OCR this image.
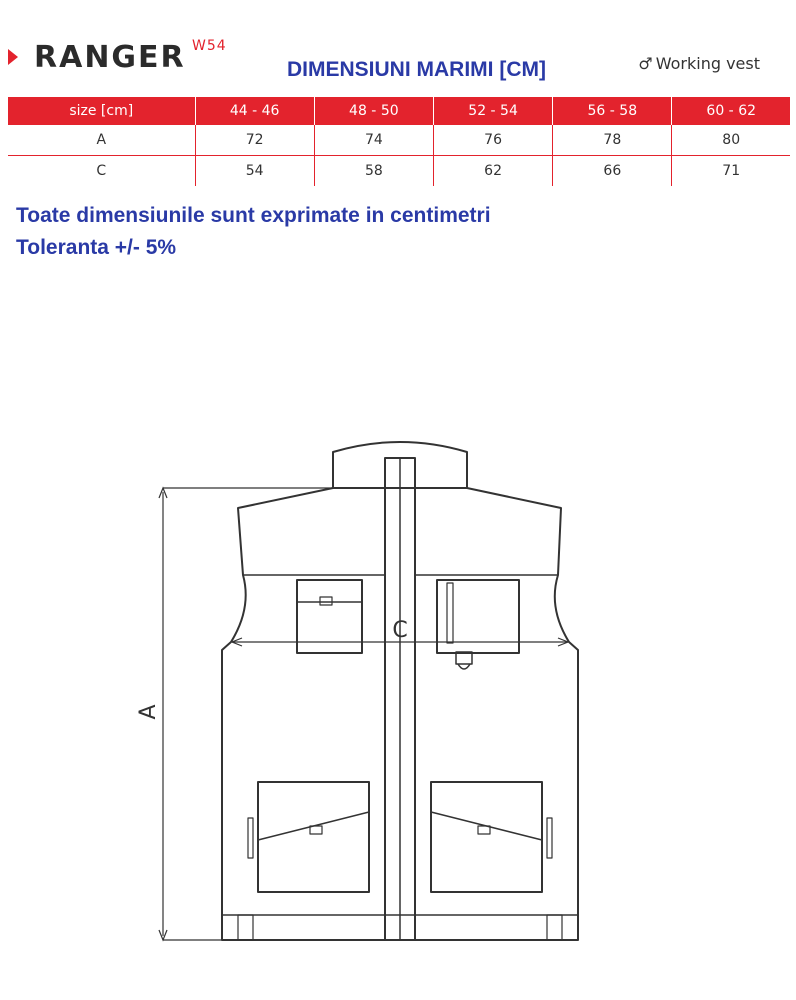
RANGER W54
DIMENSIUNI MARIMI [CM]	♂ Working vest
size [cm]	44 - 46	48 - 50	52 - 54	56 - 58	60 - 62
A	72	74	76	78	80
C	54	58	62	66	71
Toate dimensiunile sunt exprimate in centimetri
Toleranta +/- 5%
A
C
